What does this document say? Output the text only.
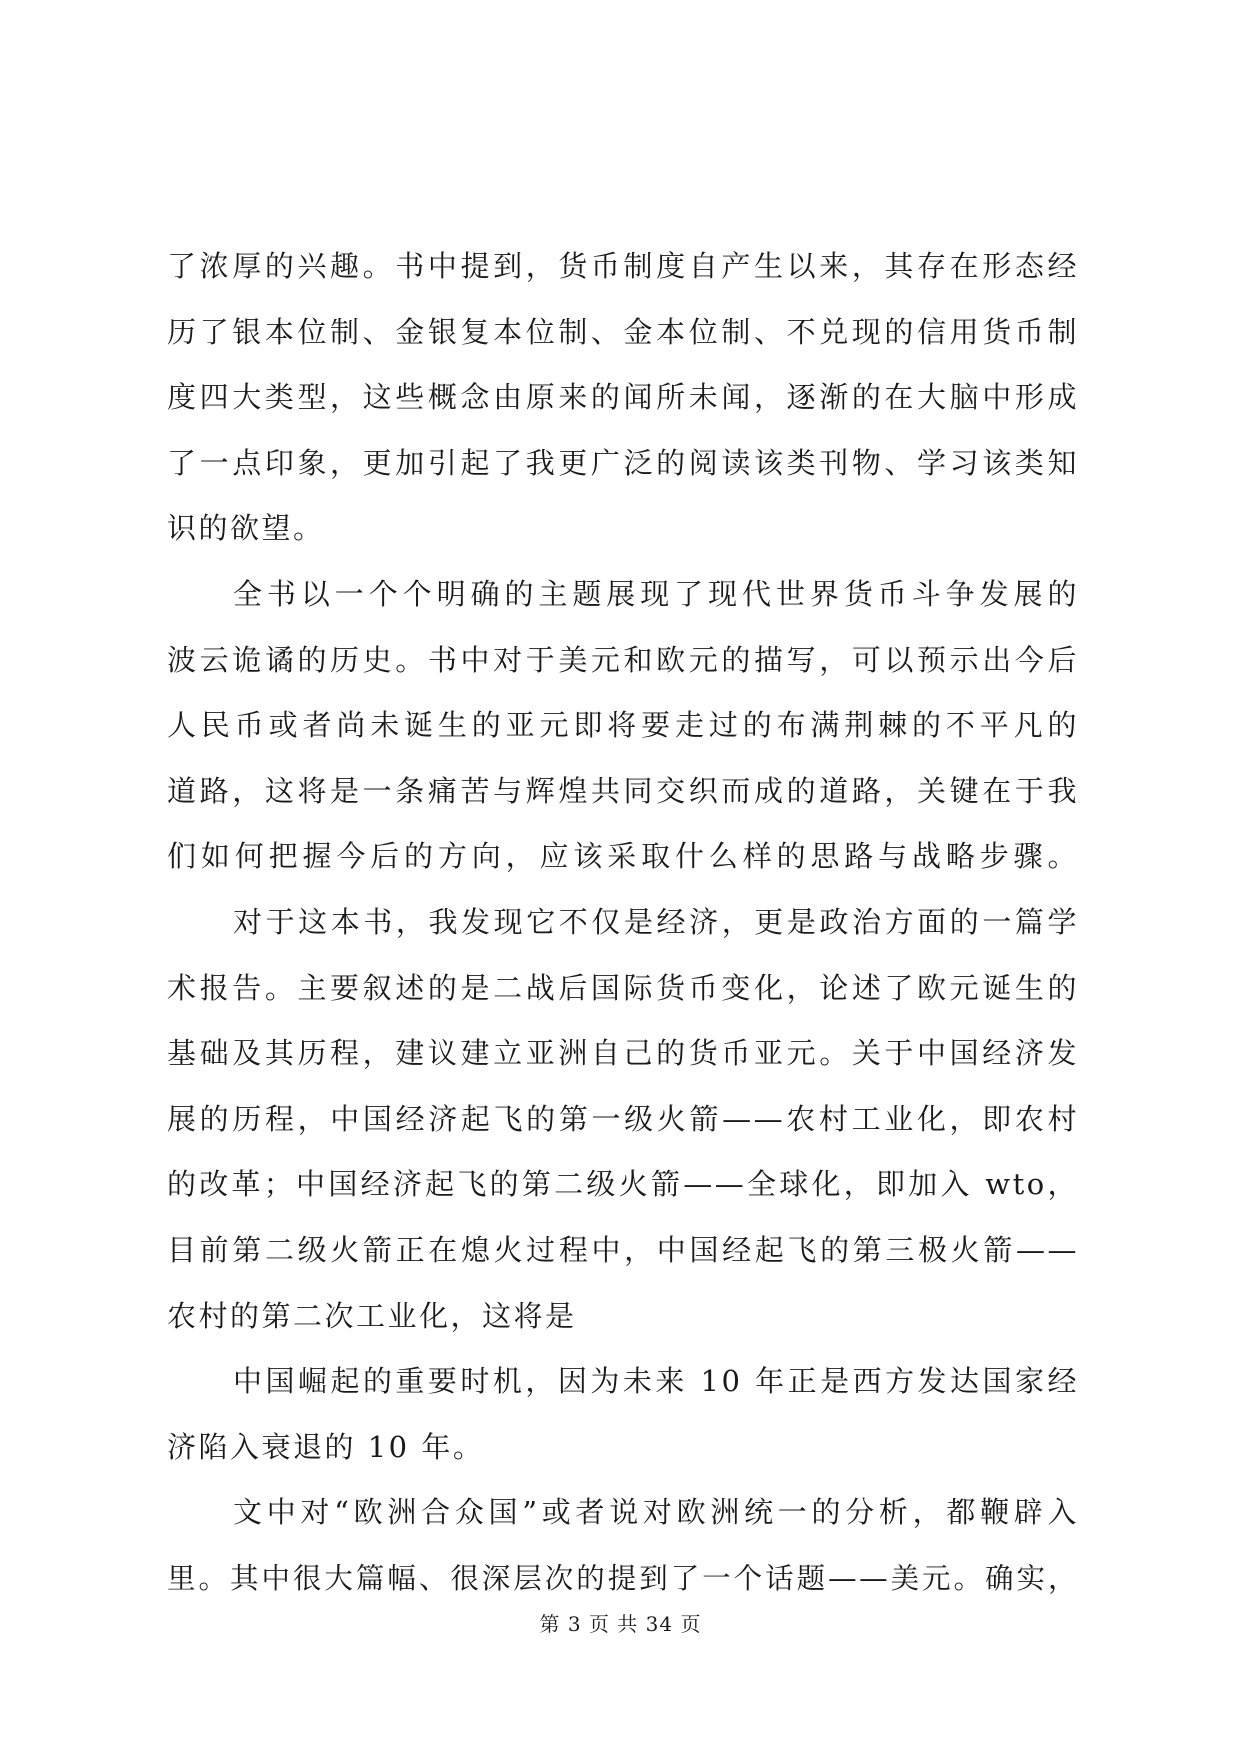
了浓厚的兴趣。书中提到，货币制度自产生以来，其存在形态经
历了银本位制、金银复本位制、金本位制、不兑现的信用货币制
度四大类型，这些概念由原来的闻所未闻，逐渐的在大脑中形成
了一点印象，更加引起了我更广泛的阅读该类刊物、学习该类知
识的欲望。
全书以一个个明确的主题展现了现代世界货币斗争发展的
波云诡谲的历史。书中对于美元和欧元的描写，可以预示出今后
人民币或者尚未诞生的亚元即将要走过的布满荆棘的不平凡的
道路，这将是一条痛苦与辉煌共同交织而成的道路，关键在于我
们如何把握今后的方向，应该采取什么样的思路与战略步骤。
对于这本书，我发现它不仅是经济，更是政治方面的一篇学
术报告。主要叙述的是二战后国际货币变化，论述了欧元诞生的
基础及其历程，建议建立亚洲自己的货币亚元。关于中国经济发
展的历程，中国经济起飞的第一级火箭——农村工业化，即农村
的改革；中国经济起飞的第二级火箭——全球化，即加入 wto，
目前第二级火箭正在熄火过程中，中国经起飞的第三极火箭——
农村的第二次工业化，这将是
中国崛起的重要时机，因为未来 10 年正是西方发达国家经
济陷入衰退的 10 年。
文中对“欧洲合众国”或者说对欧洲统一的分析，都鞭辟入
里。其中很大篇幅、很深层次的提到了一个话题——美元。确实，
第 3 页 共 34 页
